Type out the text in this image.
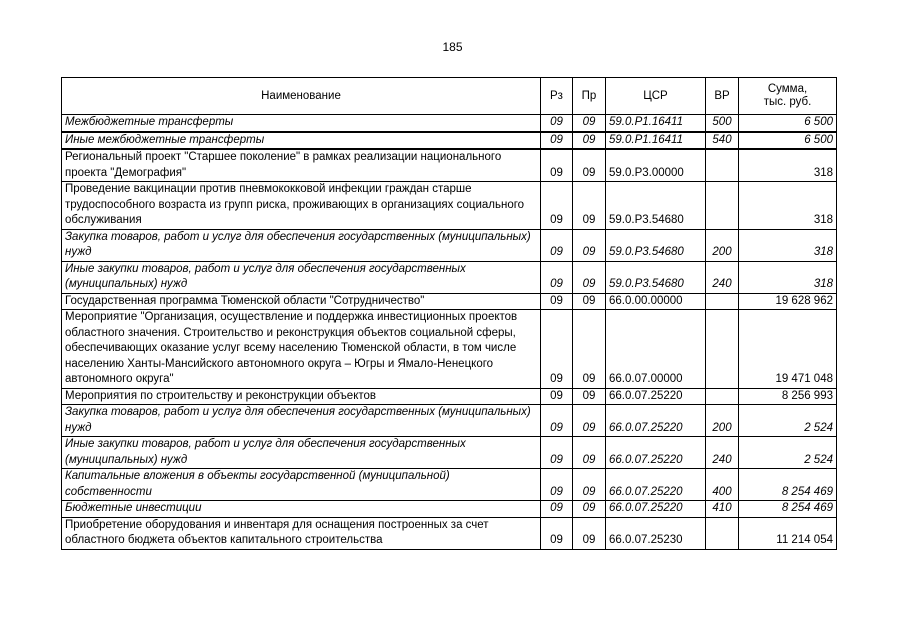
185
Наименование	Рз	Пр	ЦСР	ВР	Сумма,
тыс. руб.
Межбюджетные трансферты	09	09	59.0.P1.16411	500	6 500
Иные межбюджетные трансферты	09	09	59.0.P1.16411	540	6 500
Региональный проект "Старшее поколение" в рамках реализации национального проекта "Демография"	09	09	59.0.P3.00000		318
Проведение вакцинации против пневмококковой инфекции граждан старше трудоспособного возраста из групп риска, проживающих в организациях социального обслуживания	09	09	59.0.P3.54680		318
Закупка товаров, работ и услуг для обеспечения государственных (муниципальных) нужд	09	09	59.0.P3.54680	200	318
Иные закупки товаров, работ и услуг для обеспечения государственных (муниципальных) нужд	09	09	59.0.P3.54680	240	318
Государственная программа Тюменской области "Сотрудничество"	09	09	66.0.00.00000		19 628 962
Мероприятие "Организация, осуществление и поддержка инвестиционных проектов областного значения. Строительство и реконструкция объектов социальной сферы, обеспечивающих оказание услуг всему населению Тюменской области, в том числе населению Ханты-Мансийского автономного округа – Югры и Ямало-Ненецкого автономного округа"	09	09	66.0.07.00000		19 471 048
Мероприятия по строительству и реконструкции объектов	09	09	66.0.07.25220		8 256 993
Закупка товаров, работ и услуг для обеспечения государственных (муниципальных) нужд	09	09	66.0.07.25220	200	2 524
Иные закупки товаров, работ и услуг для обеспечения государственных (муниципальных) нужд	09	09	66.0.07.25220	240	2 524
Капитальные вложения в объекты государственной (муниципальной) собственности	09	09	66.0.07.25220	400	8 254 469
Бюджетные инвестиции	09	09	66.0.07.25220	410	8 254 469
Приобретение оборудования и инвентаря для оснащения построенных за счет областного бюджета объектов капитального строительства	09	09	66.0.07.25230		11 214 054
